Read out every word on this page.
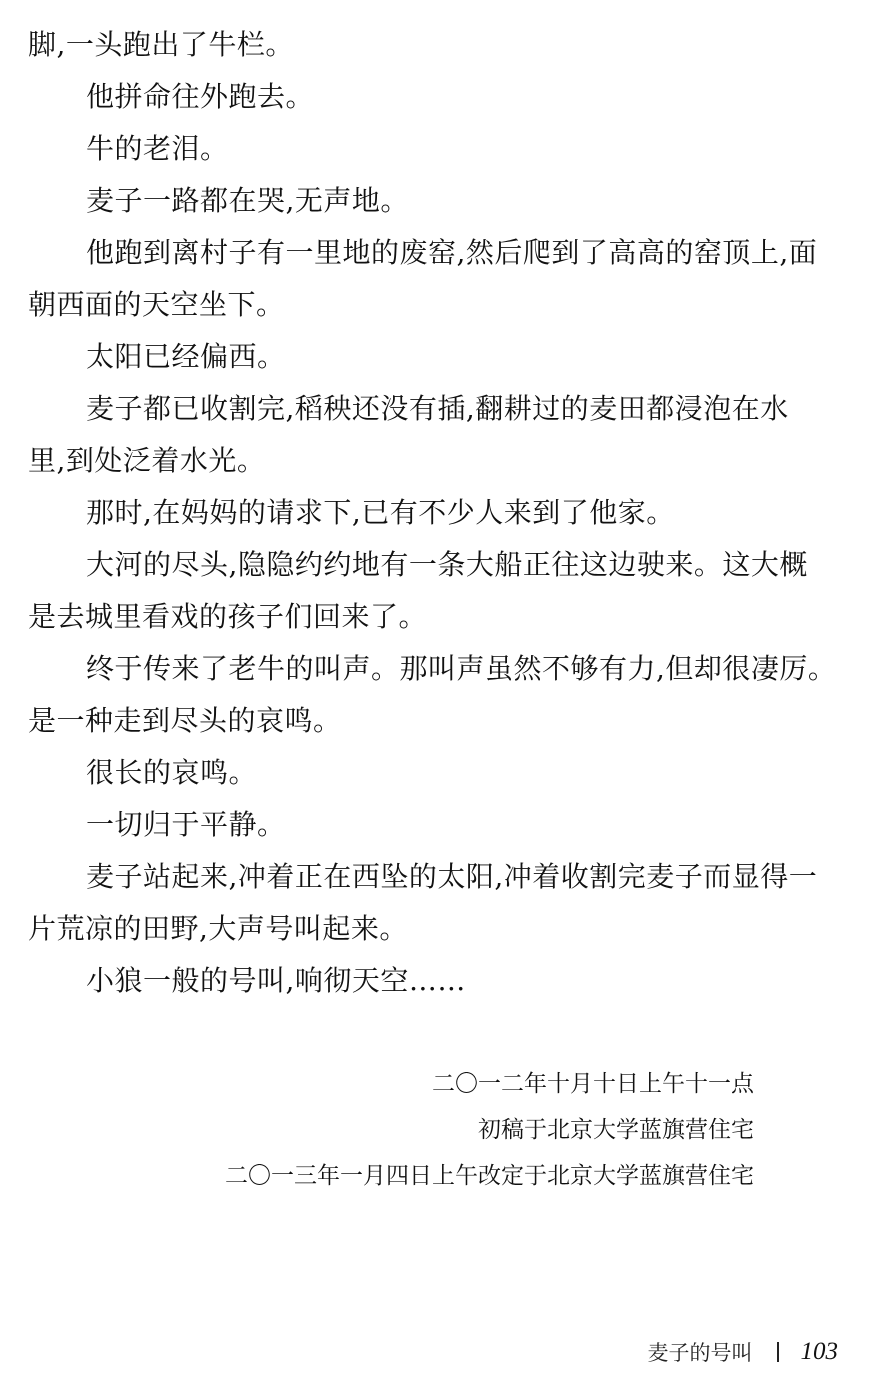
脚,一头跑出了牛栏。
他拼命往外跑去。
牛的老泪。
麦子一路都在哭,无声地。
他跑到离村子有一里地的废窑,然后爬到了高高的窑顶上,面
朝西面的天空坐下。
太阳已经偏西。
麦子都已收割完,稻秧还没有插,翻耕过的麦田都浸泡在水
里,到处泛着水光。
那时,在妈妈的请求下,已有不少人来到了他家。
大河的尽头,隐隐约约地有一条大船正往这边驶来。这大概
是去城里看戏的孩子们回来了。
终于传来了老牛的叫声。那叫声虽然不够有力,但却很凄厉。
是一种走到尽头的哀鸣。
很长的哀鸣。
一切归于平静。
麦子站起来,冲着正在西坠的太阳,冲着收割完麦子而显得一
片荒凉的田野,大声号叫起来。
小狼一般的号叫,响彻天空……
二〇一二年十月十日上午十一点
初稿于北京大学蓝旗营住宅
二〇一三年一月四日上午改定于北京大学蓝旗营住宅
麦子的号叫 103
